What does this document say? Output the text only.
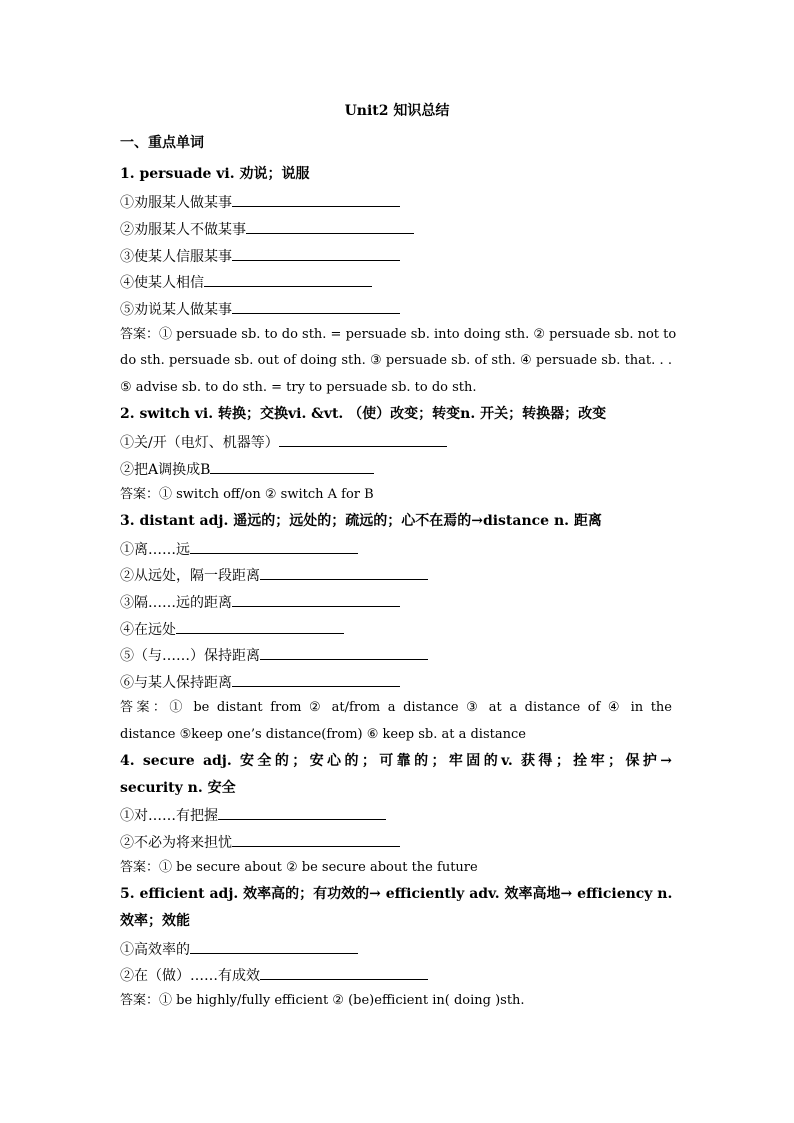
Unit2 知识总结
一、重点单词
1. persuade vi. 劝说；说服
①劝服某人做某事
②劝服某人不做某事
③使某人信服某事
④使某人相信
⑤劝说某人做某事
答案：① persuade sb. to do sth. = persuade sb. into doing sth. ② persuade sb. not to
do sth. persuade sb. out of doing sth. ③ persuade sb. of sth. ④ persuade sb. that. . .
⑤ advise sb. to do sth. = try to persuade sb. to do sth.
2. switch vi. 转换；交换vi. &vt. （使）改变；转变n. 开关；转换器；改变
①关/开（电灯、机器等）
②把A调换成B
答案：① switch off/on ② switch A for B
3. distant adj. 遥远的；远处的；疏远的；心不在焉的→distance n. 距离
①离……远
②从远处，隔一段距离
③隔……远的距离
④在远处
⑤（与……）保持距离
⑥与某人保持距离
答案：① be distant from ② at/from a distance ③ at a distance of ④ in the
distance ⑤keep one’s distance(from) ⑥ keep sb. at a distance
4. secure adj. 安全的；安心的；可靠的；牢固的v. 获得；拴牢；保护→
security n. 安全
①对……有把握
②不必为将来担忧
答案：① be secure about ② be secure about the future
5. efficient adj. 效率高的；有功效的→ efficiently adv. 效率高地→ efficiency n.
效率；效能
①高效率的
②在（做）……有成效
答案：① be highly/fully efficient ② (be)efficient in( doing )sth.
